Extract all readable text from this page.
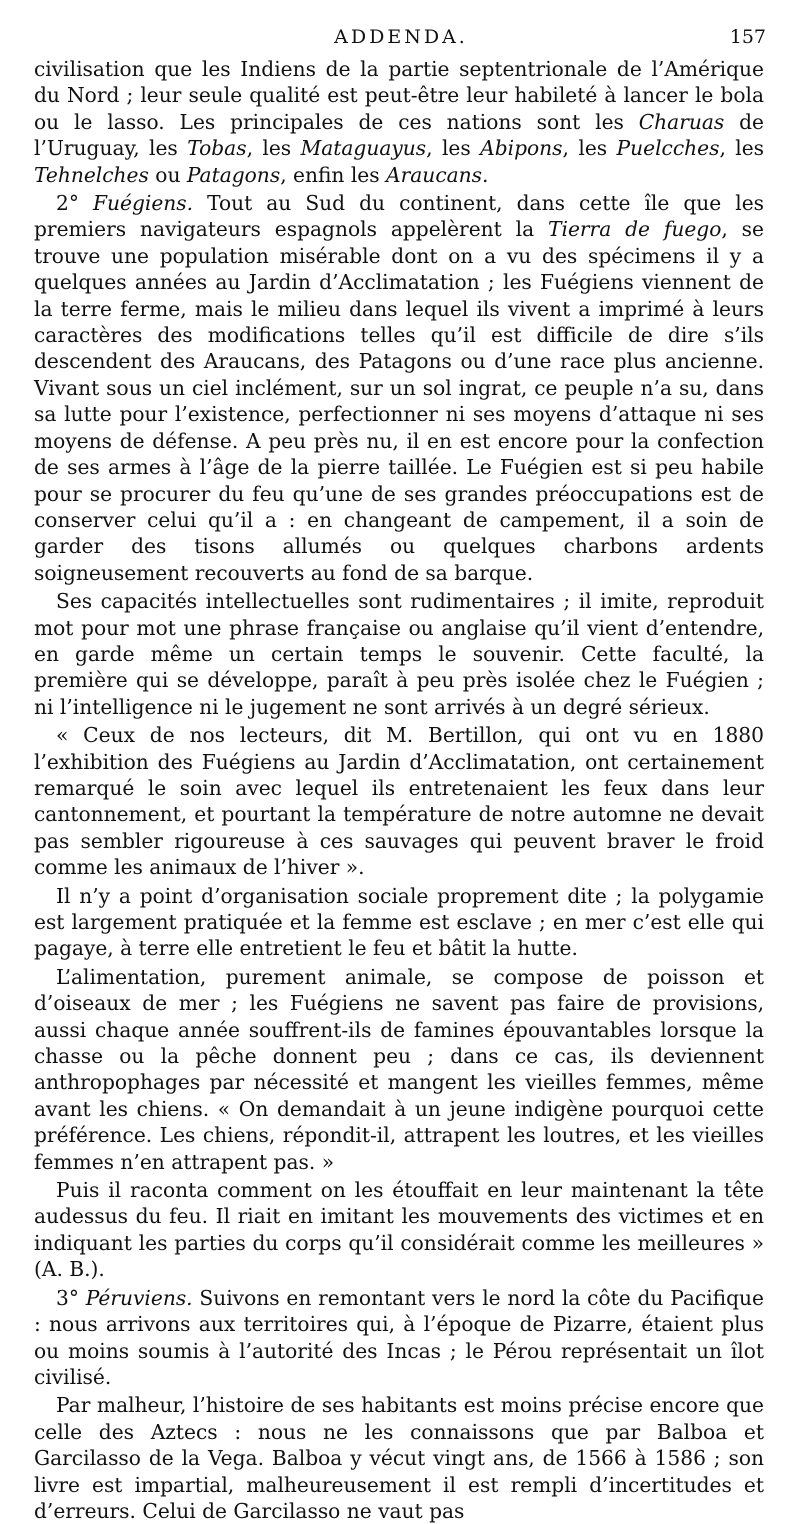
ADDENDA.	157

civilisation que les Indiens de la partie septentrionale de l’Amérique du Nord ; leur seule qualité est peut-être leur habileté à lancer le bola ou le lasso. Les principales de ces nations sont les Charuas de l’Uruguay, les Tobas, les Mataguayus, les Abipons, les Puelcches, les Tehnelches ou Patagons, enfin les Araucans.

2° Fuégiens. Tout au Sud du continent, dans cette île que les premiers navigateurs espagnols appelèrent la Tierra de fuego, se trouve une population misérable dont on a vu des spécimens il y a quelques années au Jardin d’Acclimatation ; les Fuégiens viennent de la terre ferme, mais le milieu dans lequel ils vivent a imprimé à leurs caractères des modifications telles qu’il est difficile de dire s’ils descendent des Araucans, des Patagons ou d’une race plus ancienne. Vivant sous un ciel inclément, sur un sol ingrat, ce peuple n’a su, dans sa lutte pour l’existence, perfectionner ni ses moyens d’attaque ni ses moyens de défense. A peu près nu, il en est encore pour la confection de ses armes à l’âge de la pierre taillée. Le Fuégien est si peu habile pour se procurer du feu qu’une de ses grandes préoccupations est de conserver celui qu’il a : en changeant de campement, il a soin de garder des tisons allumés ou quelques charbons ardents soigneusement recouverts au fond de sa barque.

Ses capacités intellectuelles sont rudimentaires ; il imite, reproduit mot pour mot une phrase française ou anglaise qu’il vient d’entendre, en garde même un certain temps le souvenir. Cette faculté, la première qui se développe, paraît à peu près isolée chez le Fuégien ; ni l’intelligence ni le jugement ne sont arrivés à un degré sérieux.

« Ceux de nos lecteurs, dit M. Bertillon, qui ont vu en 1880 l’exhibition des Fuégiens au Jardin d’Acclimatation, ont certainement remarqué le soin avec lequel ils entretenaient les feux dans leur cantonnement, et pourtant la température de notre automne ne devait pas sembler rigoureuse à ces sauvages qui peuvent braver le froid comme les animaux de l’hiver ».

Il n’y a point d’organisation sociale proprement dite ; la polygamie est largement pratiquée et la femme est esclave ; en mer c’est elle qui pagaye, à terre elle entretient le feu et bâtit la hutte.

L’alimentation, purement animale, se compose de poisson et d’oiseaux de mer ; les Fuégiens ne savent pas faire de provisions, aussi chaque année souffrent-ils de famines épouvantables lorsque la chasse ou la pêche donnent peu ; dans ce cas, ils deviennent anthropophages par nécessité et mangent les vieilles femmes, même avant les chiens. « On demandait à un jeune indigène pourquoi cette préférence. Les chiens, répondit-il, attrapent les loutres, et les vieilles femmes n’en attrapent pas. »

Puis il raconta comment on les étouffait en leur maintenant la tête audessus du feu. Il riait en imitant les mouvements des victimes et en indiquant les parties du corps qu’il considérait comme les meilleures » (A. B.).

3° Péruviens. Suivons en remontant vers le nord la côte du Pacifique : nous arrivons aux territoires qui, à l’époque de Pizarre, étaient plus ou moins soumis à l’autorité des Incas ; le Pérou représentait un îlot civilisé.

Par malheur, l’histoire de ses habitants est moins précise encore que celle des Aztecs : nous ne les connaissons que par Balboa et Garcilasso de la Vega. Balboa y vécut vingt ans, de 1566 à 1586 ; son livre est impartial, malheureusement il est rempli d’incertitudes et d’erreurs. Celui de Garcilasso ne vaut pas
